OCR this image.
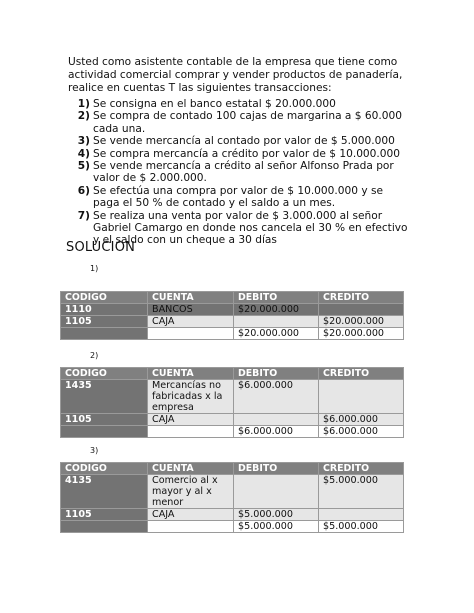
Usted como asistente contable de la empresa que tiene como actividad comercial comprar y vender productos de panadería, realice en cuentas T las siguientes transacciones:
1) Se consigna en el banco estatal $ 20.000.000
2) Se compra de contado 100 cajas de margarina a $ 60.000 cada una.
3) Se vende mercancía al contado por valor de $ 5.000.000
4) Se compra mercancía a crédito por valor de $ 10.000.000
5) Se vende mercancía a crédito al señor Alfonso Prada por valor de $ 2.000.000.
6) Se efectúa una compra por valor de $ 10.000.000 y se paga el 50 % de contado y el saldo a un mes.
7) Se realiza una venta por valor de $ 3.000.000 al señor Gabriel Camargo en donde nos cancela el 30 % en efectivo y el saldo con un cheque a 30 días
SOLUCION
1)
CODIGO	CUENTA	DEBITO	CREDITO
1110	BANCOS	$20.000.000	
1105	CAJA		$20.000.000
		$20.000.000	$20.000.000
2)
CODIGO	CUENTA	DEBITO	CREDITO
1435	Mercancías no fabricadas x la empresa	$6.000.000	
1105	CAJA		$6.000.000
		$6.000.000	$6.000.000
3)
CODIGO	CUENTA	DEBITO	CREDITO
4135	Comercio al x mayor y al x menor		$5.000.000
1105	CAJA	$5.000.000	
		$5.000.000	$5.000.000
